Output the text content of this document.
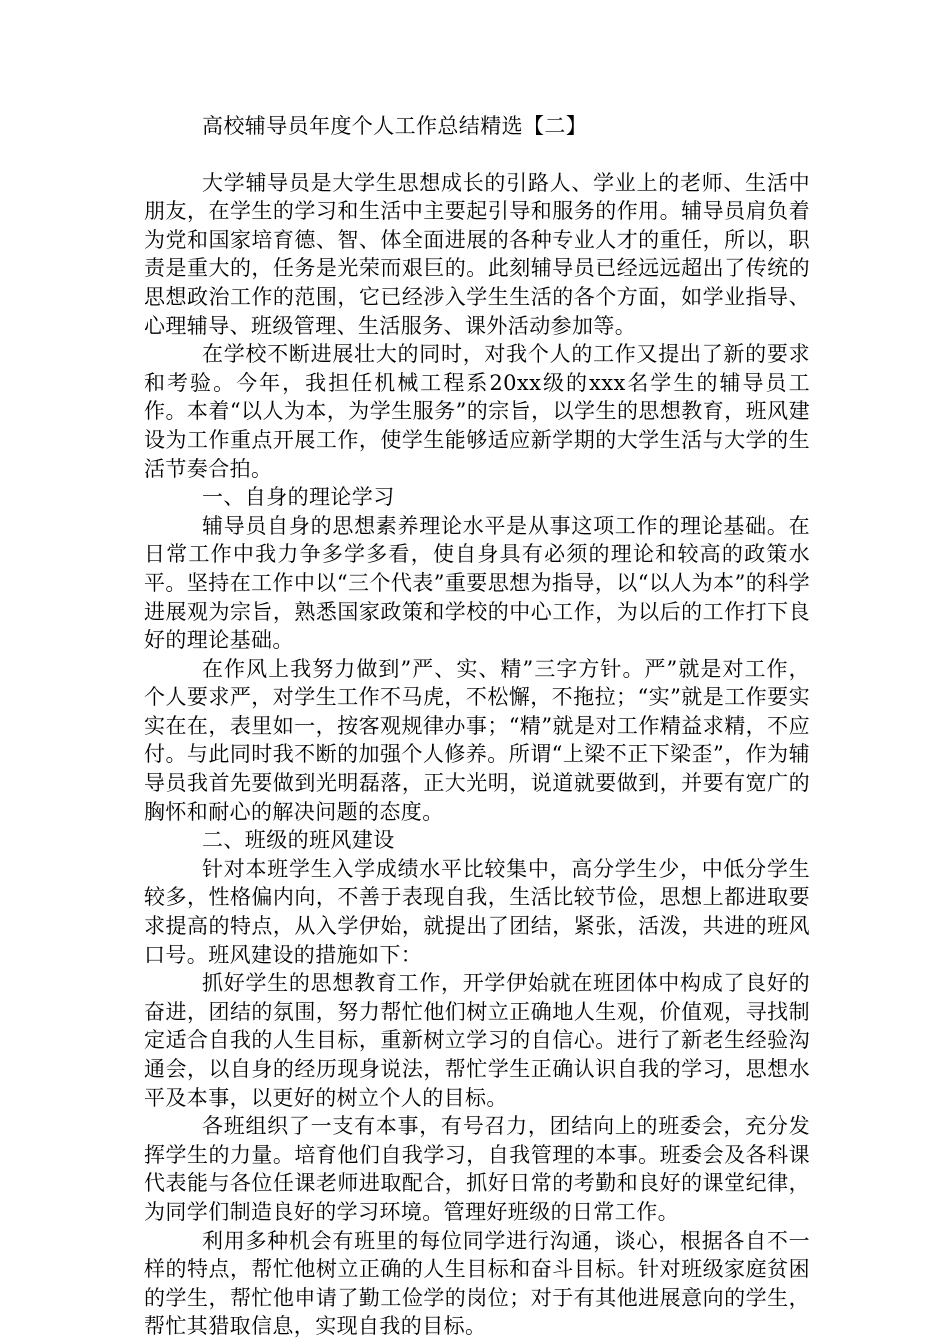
高校辅导员年度个人工作总结精选【二】

大学辅导员是大学生思想成长的引路人、学业上的老师、生活中朋友，在学生的学习和生活中主要起引导和服务的作用。辅导员肩负着为党和国家培育德、智、体全面进展的各种专业人才的重任，所以，职责是重大的，任务是光荣而艰巨的。此刻辅导员已经远远超出了传统的思想政治工作的范围，它已经涉入学生生活的各个方面，如学业指导、心理辅导、班级管理、生活服务、课外活动参加等。

在学校不断进展壮大的同时，对我个人的工作又提出了新的要求和考验。今年，我担任机械工程系20xx级的xxx名学生的辅导员工作。本着“以人为本，为学生服务”的宗旨，以学生的思想教育，班风建设为工作重点开展工作，使学生能够适应新学期的大学生活与大学的生活节奏合拍。

一、自身的理论学习

辅导员自身的思想素养理论水平是从事这项工作的理论基础。在日常工作中我力争多学多看，使自身具有必须的理论和较高的政策水平。坚持在工作中以“三个代表”重要思想为指导，以“以人为本”的科学进展观为宗旨，熟悉国家政策和学校的中心工作，为以后的工作打下良好的理论基础。

在作风上我努力做到”严、实、精”三字方针。严”就是对工作，个人要求严，对学生工作不马虎，不松懈，不拖拉；“实”就是工作要实实在在，表里如一，按客观规律办事；“精”就是对工作精益求精，不应付。与此同时我不断的加强个人修养。所谓“上梁不正下梁歪”，作为辅导员我首先要做到光明磊落，正大光明，说道就要做到，并要有宽广的胸怀和耐心的解决问题的态度。

二、班级的班风建设

针对本班学生入学成绩水平比较集中，高分学生少，中低分学生较多，性格偏内向，不善于表现自我，生活比较节俭，思想上都进取要求提高的特点，从入学伊始，就提出了团结，紧张，活泼，共进的班风口号。班风建设的措施如下：

抓好学生的思想教育工作，开学伊始就在班团体中构成了良好的奋进，团结的氛围，努力帮忙他们树立正确地人生观，价值观，寻找制定适合自我的人生目标，重新树立学习的自信心。进行了新老生经验沟通会，以自身的经历现身说法，帮忙学生正确认识自我的学习，思想水平及本事，以更好的树立个人的目标。

各班组织了一支有本事，有号召力，团结向上的班委会，充分发挥学生的力量。培育他们自我学习，自我管理的本事。班委会及各科课代表能与各位任课老师进取配合，抓好日常的考勤和良好的课堂纪律，为同学们制造良好的学习环境。管理好班级的日常工作。

利用多种机会有班里的每位同学进行沟通，谈心，根据各自不一样的特点，帮忙他树立正确的人生目标和奋斗目标。针对班级家庭贫困的学生，帮忙他申请了勤工俭学的岗位；对于有其他进展意向的学生，帮忙其猎取信息，实现自我的目标。
